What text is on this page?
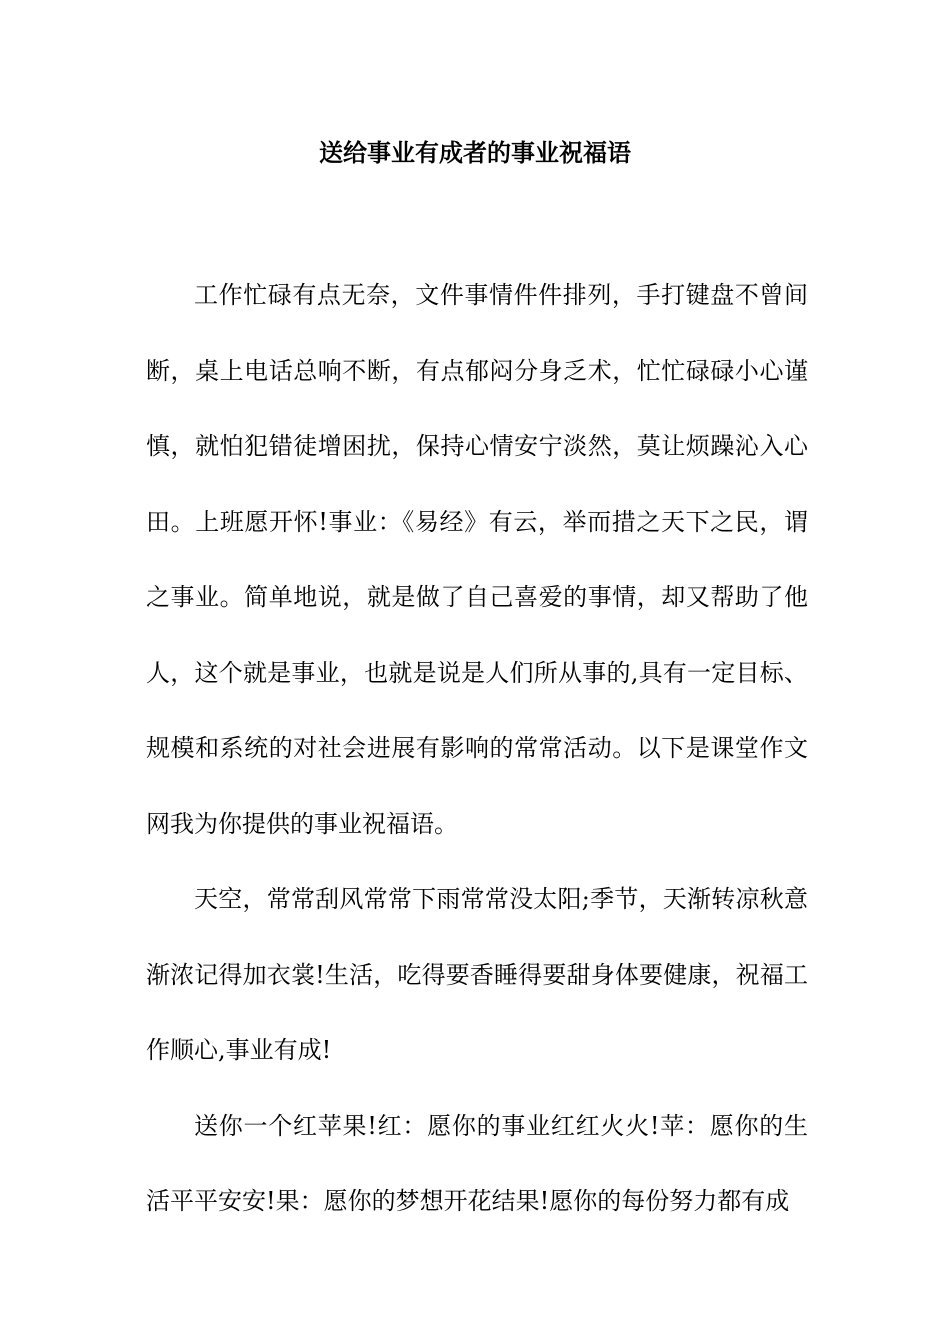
送给事业有成者的事业祝福语

工作忙碌有点无奈，文件事情件件排列，手打键盘不曾间断，桌上电话总响不断，有点郁闷分身乏术，忙忙碌碌小心谨慎，就怕犯错徒增困扰，保持心情安宁淡然，莫让烦躁沁入心田。上班愿开怀!事业：《易经》有云，举而措之天下之民，谓之事业。简单地说，就是做了自己喜爱的事情，却又帮助了他人，这个就是事业，也就是说是人们所从事的,具有一定目标、规模和系统的对社会进展有影响的常常活动。以下是课堂作文网我为你提供的事业祝福语。

天空，常常刮风常常下雨常常没太阳;季节，天渐转凉秋意渐浓记得加衣裳!生活，吃得要香睡得要甜身体要健康，祝福工作顺心,事业有成!

送你一个红苹果!红：愿你的事业红红火火!苹：愿你的生活平平安安!果：愿你的梦想开花结果!愿你的每份努力都有成
